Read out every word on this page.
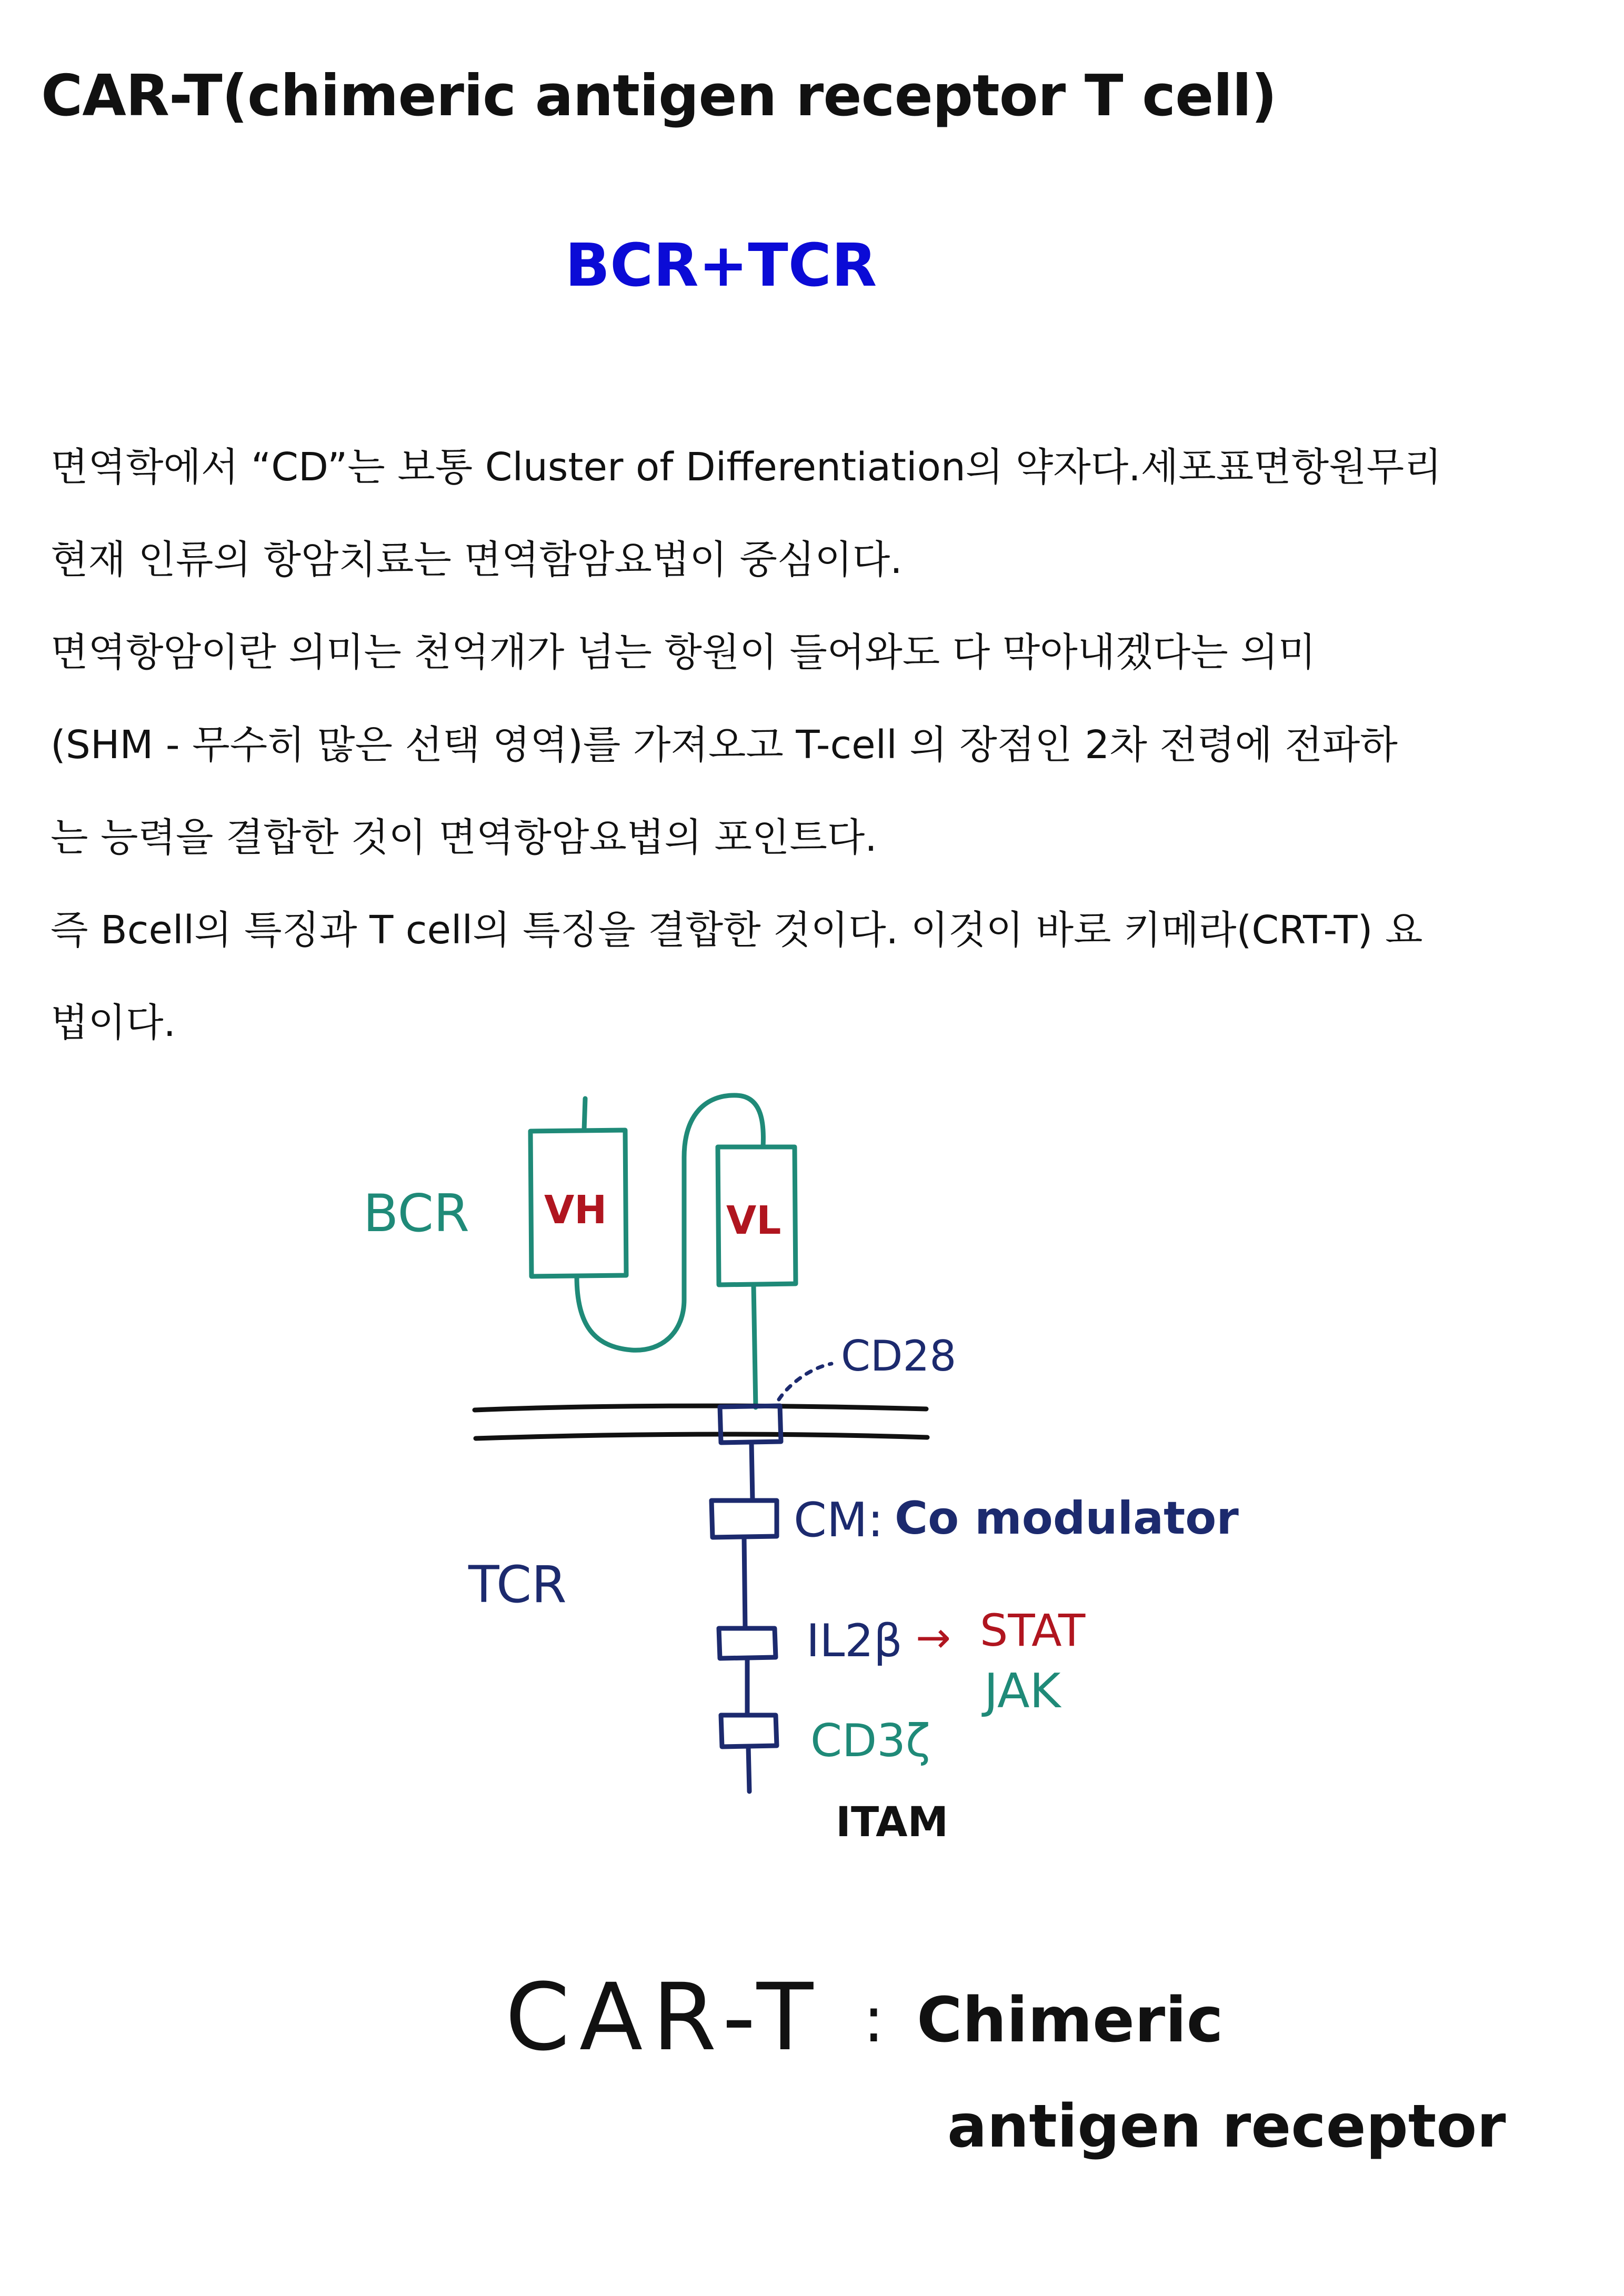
CAR-T(chimeric antigen receptor T cell)
BCR+TCR
면역학에서 “CD”는 보통 Cluster of Differentiation의 약자다.세포표면항원무리
현재 인류의 항암치료는 면역함암요법이 중심이다.
면역항암이란 의미는 천억개가 넘는 항원이 들어와도 다 막아내겠다는 의미
(SHM - 무수히 많은 선택 영역)를 가져오고 T-cell 의 장점인 2차 전령에 전파하
는 능력을 결합한 것이 면역항암요법의 포인트다.
즉 Bcell의 특징과 T cell의 특징을 결합한 것이다. 이것이 바로 키메라(CRT-T) 요
법이다.
BCR VH	VL
CD28
TCR
CM: Co modulator
IL2β → STAT
JAK
CD3ζ
ITAM
CAR-T : Chimeric
antigen receptor
